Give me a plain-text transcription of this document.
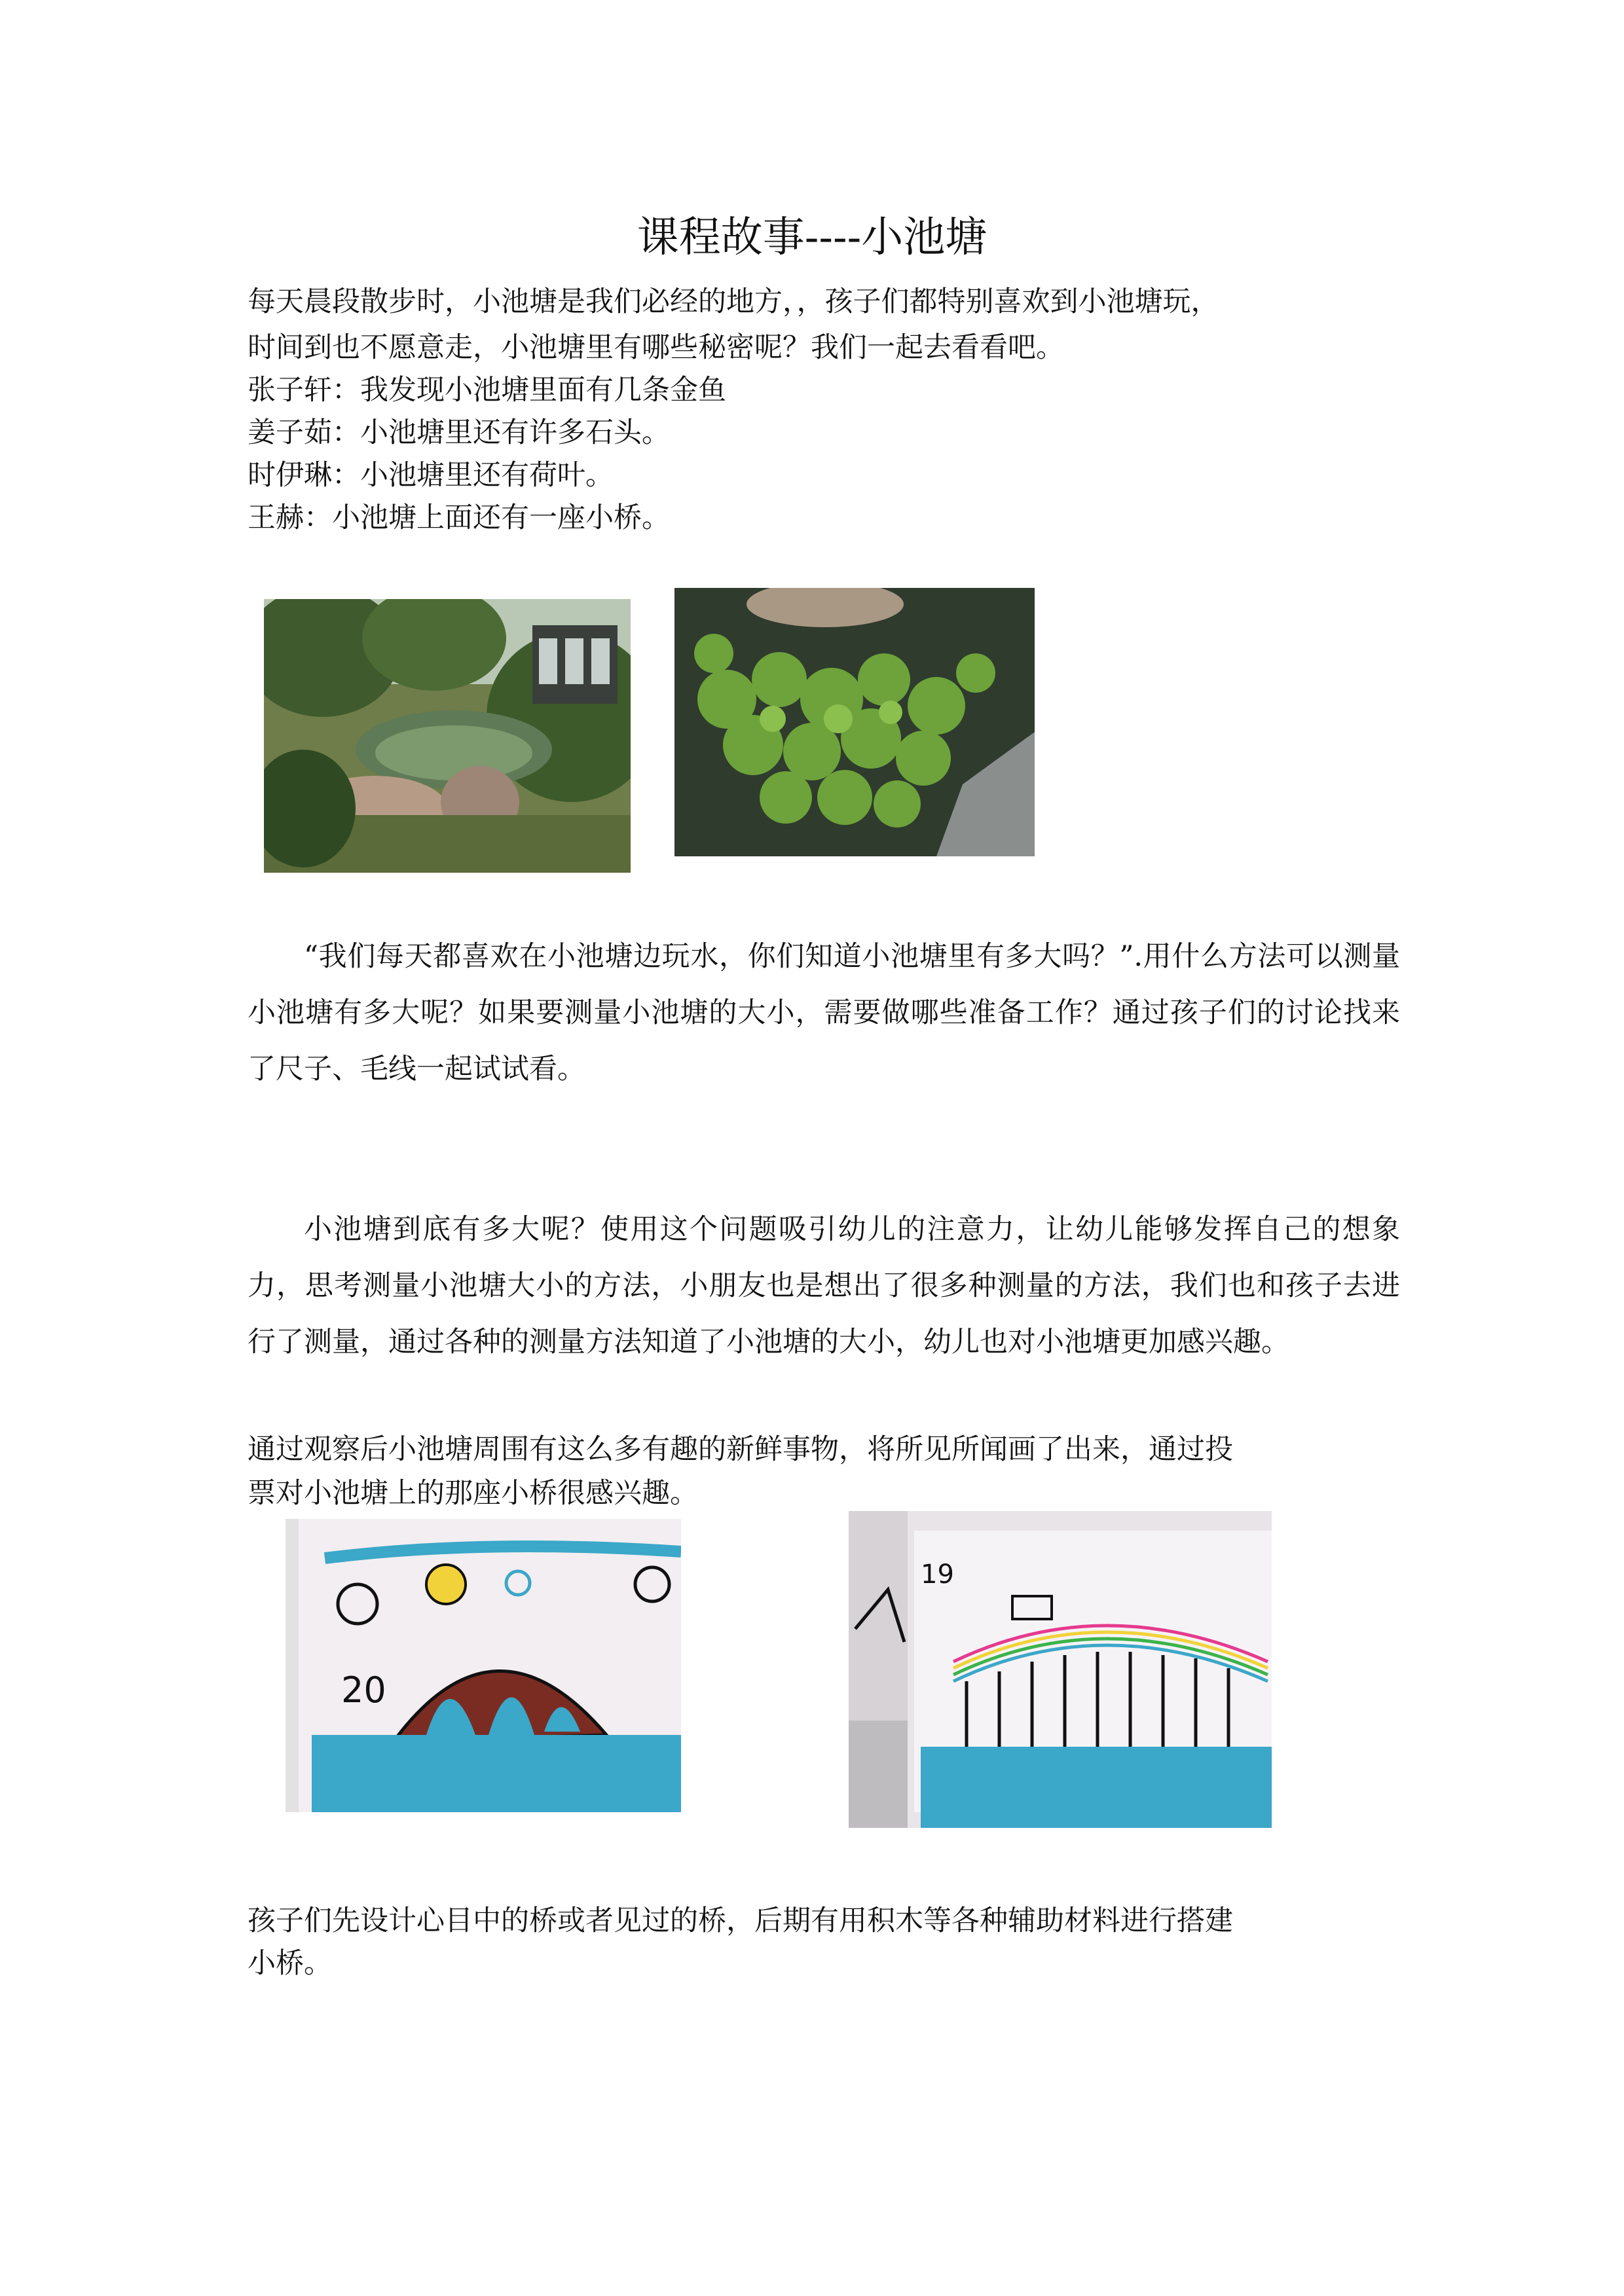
课程故事----小池塘
每天晨段散步时，小池塘是我们必经的地方，，孩子们都特别喜欢到小池塘玩，
时间到也不愿意走，小池塘里有哪些秘密呢？我们一起去看看吧。
张子轩：我发现小池塘里面有几条金鱼
姜子茹：小池塘里还有许多石头。
时伊琳：小池塘里还有荷叶。
王赫：小池塘上面还有一座小桥。
“我们每天都喜欢在小池塘边玩水，你们知道小池塘里有多大吗？”.用什么方法可以测量小池塘有多大呢？如果要测量小池塘的大小，需要做哪些准备工作？通过孩子们的讨论找来了尺子、毛线一起试试看。
小池塘到底有多大呢？使用这个问题吸引幼儿的注意力，让幼儿能够发挥自己的想象力，思考测量小池塘大小的方法，小朋友也是想出了很多种测量的方法，我们也和孩子去进行了测量，通过各种的测量方法知道了小池塘的大小，幼儿也对小池塘更加感兴趣。
通过观察后小池塘周围有这么多有趣的新鲜事物，将所见所闻画了出来，通过投
票对小池塘上的那座小桥很感兴趣。
20
19
孩子们先设计心目中的桥或者见过的桥，后期有用积木等各种辅助材料进行搭建
小桥。
